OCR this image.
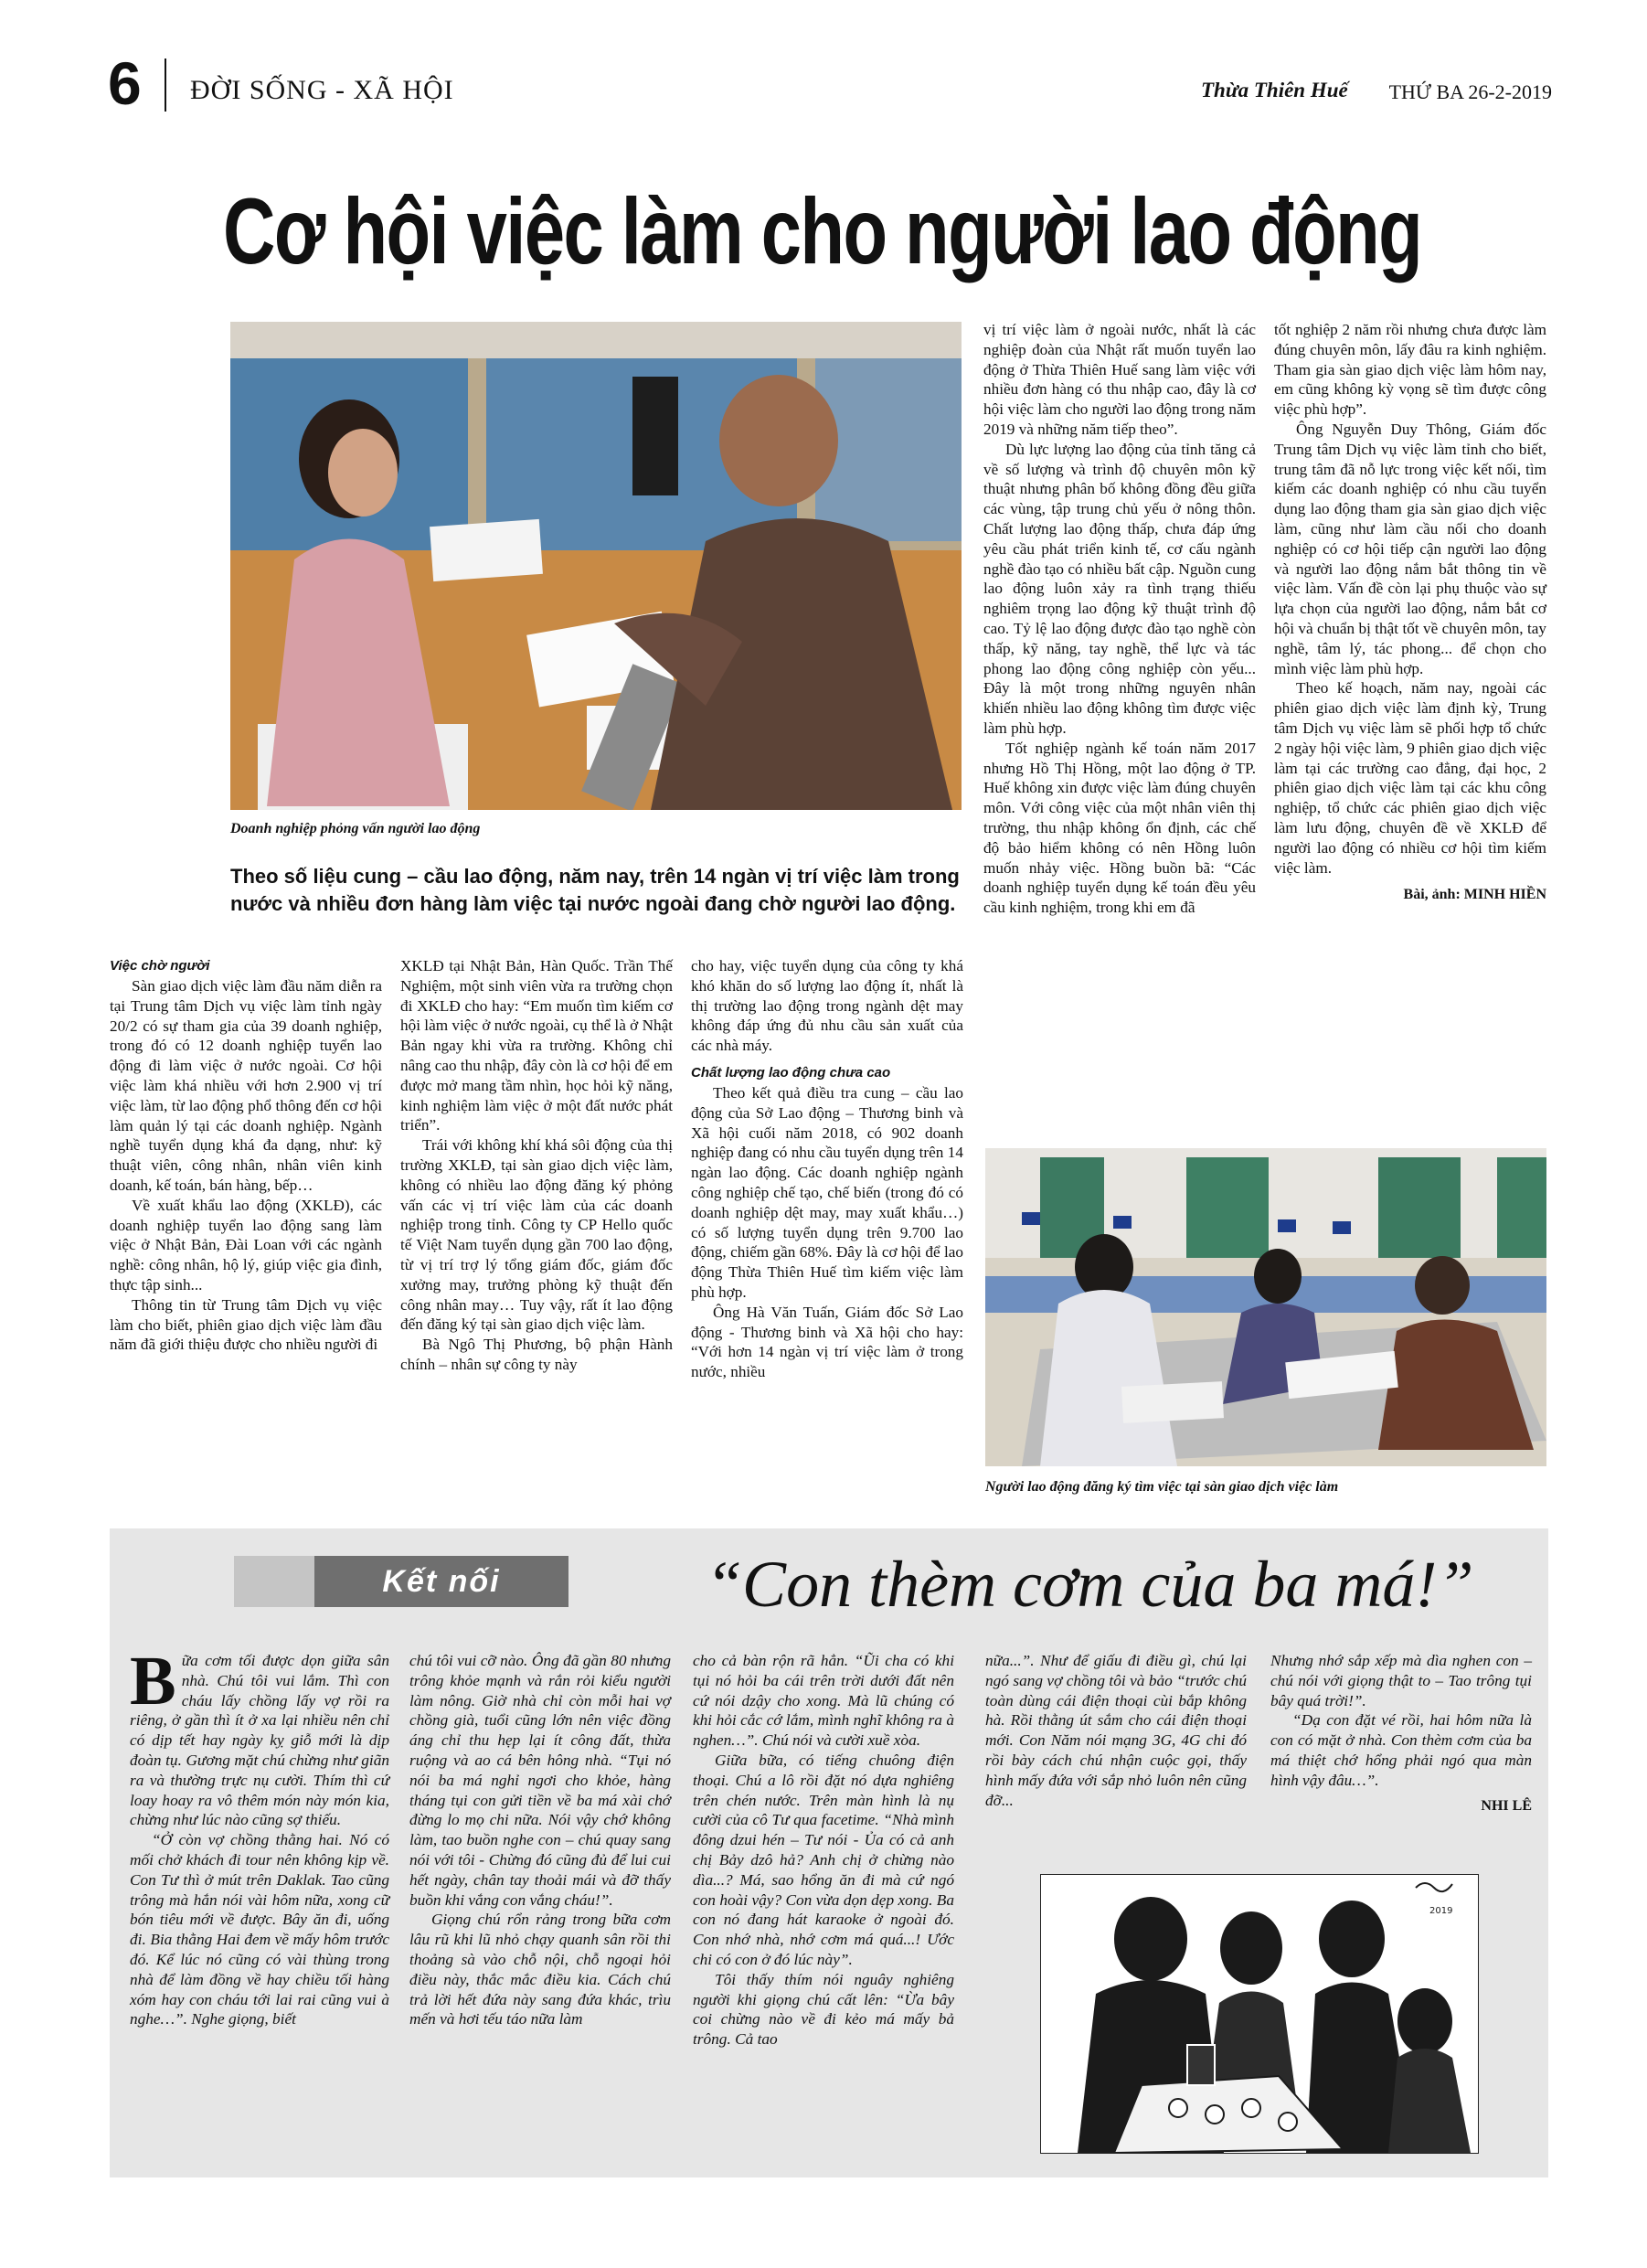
6 ĐỜI SỐNG - XÃ HỘI	Thừa Thiên Huế THỨ BA 26-2-2019
Cơ hội việc làm cho người lao động
Doanh nghiệp phỏng vấn người lao động
Theo số liệu cung – cầu lao động, năm nay, trên 14 ngàn vị trí việc làm trong nước và nhiều đơn hàng làm việc tại nước ngoài đang chờ người lao động.

Việc chờ người

Sàn giao dịch việc làm đầu năm diễn ra tại Trung tâm Dịch vụ việc làm tỉnh ngày 20/2 có sự tham gia của 39 doanh nghiệp, trong đó có 12 doanh nghiệp tuyển lao động đi làm việc ở nước ngoài. Cơ hội việc làm khá nhiều với hơn 2.900 vị trí việc làm, từ lao động phổ thông đến cơ hội làm quản lý tại các doanh nghiệp. Ngành nghề tuyển dụng khá đa dạng, như: kỹ thuật viên, công nhân, nhân viên kinh doanh, kế toán, bán hàng, bếp…

Về xuất khẩu lao động (XKLĐ), các doanh nghiệp tuyển lao động sang làm việc ở Nhật Bản, Đài Loan với các ngành nghề: công nhân, hộ lý, giúp việc gia đình, thực tập sinh...

Thông tin từ Trung tâm Dịch vụ việc làm cho biết, phiên giao dịch việc làm đầu năm đã giới thiệu được cho nhiều người đi

XKLĐ tại Nhật Bản, Hàn Quốc. Trần Thế Nghiệm, một sinh viên vừa ra trường chọn đi XKLĐ cho hay: “Em muốn tìm kiếm cơ hội làm việc ở nước ngoài, cụ thể là ở Nhật Bản ngay khi vừa ra trường. Không chỉ nâng cao thu nhập, đây còn là cơ hội để em được mở mang tầm nhìn, học hỏi kỹ năng, kinh nghiệm làm việc ở một đất nước phát triển”.

Trái với không khí khá sôi động của thị trường XKLĐ, tại sàn giao dịch việc làm, không có nhiều lao động đăng ký phỏng vấn các vị trí việc làm của các doanh nghiệp trong tỉnh. Công ty CP Hello quốc tế Việt Nam tuyển dụng gần 700 lao động, từ vị trí trợ lý tổng giám đốc, giám đốc xưởng may, trưởng phòng kỹ thuật đến công nhân may… Tuy vậy, rất ít lao động đến đăng ký tại sàn giao dịch việc làm.

Bà Ngô Thị Phương, bộ phận Hành chính – nhân sự công ty này

cho hay, việc tuyển dụng của công ty khá khó khăn do số lượng lao động ít, nhất là thị trường lao động trong ngành dệt may không đáp ứng đủ nhu cầu sản xuất của các nhà máy.

Chất lượng lao động chưa cao

Theo kết quả điều tra cung – cầu lao động của Sở Lao động – Thương binh và Xã hội cuối năm 2018, có 902 doanh nghiệp đang có nhu cầu tuyển dụng trên 14 ngàn lao động. Các doanh nghiệp ngành công nghiệp chế tạo, chế biến (trong đó có doanh nghiệp dệt may, may xuất khẩu…) có số lượng tuyển dụng trên 9.700 lao động, chiếm gần 68%. Đây là cơ hội để lao động Thừa Thiên Huế tìm kiếm việc làm phù hợp.

Ông Hà Văn Tuấn, Giám đốc Sở Lao động - Thương binh và Xã hội cho hay: “Với hơn 14 ngàn vị trí việc làm ở trong nước, nhiều

vị trí việc làm ở ngoài nước, nhất là các nghiệp đoàn của Nhật rất muốn tuyển lao động ở Thừa Thiên Huế sang làm việc với nhiều đơn hàng có thu nhập cao, đây là cơ hội việc làm cho người lao động trong năm 2019 và những năm tiếp theo”.

Dù lực lượng lao động của tỉnh tăng cả về số lượng và trình độ chuyên môn kỹ thuật nhưng phân bố không đồng đều giữa các vùng, tập trung chủ yếu ở nông thôn. Chất lượng lao động thấp, chưa đáp ứng yêu cầu phát triển kinh tế, cơ cấu ngành nghề đào tạo có nhiều bất cập. Nguồn cung lao động luôn xảy ra tình trạng thiếu nghiêm trọng lao động kỹ thuật trình độ cao. Tỷ lệ lao động được đào tạo nghề còn thấp, kỹ năng, tay nghề, thể lực và tác phong lao động công nghiệp còn yếu... Đây là một trong những nguyên nhân khiến nhiều lao động không tìm được việc làm phù hợp.

Tốt nghiệp ngành kế toán năm 2017 nhưng Hồ Thị Hồng, một lao động ở TP. Huế không xin được việc làm đúng chuyên môn. Với công việc của một nhân viên thị trường, thu nhập không ổn định, các chế độ bảo hiểm không có nên Hồng luôn muốn nhảy việc. Hồng buồn bã: “Các doanh nghiệp tuyển dụng kế toán đều yêu cầu kinh nghiệm, trong khi em đã

tốt nghiệp 2 năm rồi nhưng chưa được làm đúng chuyên môn, lấy đâu ra kinh nghiệm. Tham gia sàn giao dịch việc làm hôm nay, em cũng không kỳ vọng sẽ tìm được công việc phù hợp”.

Ông Nguyễn Duy Thông, Giám đốc Trung tâm Dịch vụ việc làm tỉnh cho biết, trung tâm đã nỗ lực trong việc kết nối, tìm kiếm các doanh nghiệp có nhu cầu tuyển dụng lao động tham gia sàn giao dịch việc làm, cũng như làm cầu nối cho doanh nghiệp có cơ hội tiếp cận người lao động và người lao động nắm bắt thông tin về việc làm. Vấn đề còn lại phụ thuộc vào sự lựa chọn của người lao động, nắm bắt cơ hội và chuẩn bị thật tốt về chuyên môn, tay nghề, tâm lý, tác phong... để chọn cho mình việc làm phù hợp.

Theo kế hoạch, năm nay, ngoài các phiên giao dịch việc làm định kỳ, Trung tâm Dịch vụ việc làm sẽ phối hợp tổ chức 2 ngày hội việc làm, 9 phiên giao dịch việc làm tại các trường cao đẳng, đại học, 2 phiên giao dịch việc làm tại các khu công nghiệp, tổ chức các phiên giao dịch việc làm lưu động, chuyên đề về XKLĐ để người lao động có nhiều cơ hội tìm kiếm việc làm.

Bài, ảnh: MINH HIỀN

Người lao động đăng ký tìm việc tại sàn giao dịch việc làm
Kết nối	“Con thèm cơm của ba má!”

Bữa cơm tối được dọn giữa sân nhà. Chú tôi vui lắm. Thì con cháu lấy chồng lấy vợ rồi ra riêng, ở gần thì ít ở xa lại nhiều nên chỉ có dịp tết hay ngày kỵ giỗ mới là dịp đoàn tụ. Gương mặt chú chừng như giãn ra và thường trực nụ cười. Thím thì cứ loay hoay ra vô thêm món này món kia, chừng như lúc nào cũng sợ thiếu.

“Ở còn vợ chồng thằng hai. Nó có mối chở khách đi tour nên không kịp về. Con Tư thì ở mút trên Daklak. Tao cũng trông mà hắn nói vài hôm nữa, xong cữ bón tiêu mới về được. Bây ăn đi, uống đi. Bia thằng Hai đem về mấy hôm trước đó. Kể lúc nó cũng có vài thùng trong nhà để làm đồng về hay chiều tối hàng xóm hay con cháu tới lai rai cũng vui à nghe…”. Nghe giọng, biết

chú tôi vui cỡ nào. Ông đã gần 80 nhưng trông khỏe mạnh và rắn rỏi kiểu người làm nông. Giờ nhà chỉ còn mỗi hai vợ chồng già, tuổi cũng lớn nên việc đồng áng chỉ thu hẹp lại ít công đất, thừa ruộng và ao cá bên hông nhà. “Tụi nó nói ba má nghỉ ngơi cho khỏe, hàng tháng tụi con gửi tiền về ba má xài chớ đừng lo mọ chi nữa. Nói vậy chớ không làm, tao buồn nghe con – chú quay sang nói với tôi - Chừng đó cũng đủ để lui cui hết ngày, chân tay thoải mái và đỡ thấy buồn khi vắng con vắng cháu!”.

Giọng chú rổn rảng trong bữa cơm lâu rũ khi lũ nhỏ chạy quanh sân rồi thi thoảng sà vào chỗ nội, chỗ ngoại hỏi điều này, thắc mắc điều kia. Cách chú trả lời hết đứa này sang đứa khác, trìu mến và hơi tếu táo nữa làm

cho cả bàn rộn rã hẳn. “Ũi cha có khi tụi nó hỏi ba cái trên trời dưới đất nên cứ nói dzậy cho xong. Mà lũ chúng có khi hỏi cắc cớ lắm, mình nghĩ không ra à nghen…”. Chú nói và cười xuề xòa.

Giữa bữa, có tiếng chuông điện thoại. Chú a lô rồi đặt nó dựa nghiêng trên chén nước. Trên màn hình là nụ cười của cô Tư qua facetime. “Nhà mình đông dzui hén – Tư nói - Ủa có cả anh chị Bảy dzô hả? Anh chị ở chừng nào dìa...? Má, sao hổng ăn đi mà cứ ngó con hoài vậy? Con vừa dọn dẹp xong. Ba con nó đang hát karaoke ở ngoài đó. Con nhớ nhà, nhớ cơm má quá...! Ước chi có con ở đó lúc này”.

Tôi thấy thím nói nguây nghiêng người khi giọng chú cất lên: “Ừa bây coi chừng nào về đi kẻo má mấy bả trông. Cả tao

nữa...”. Như để giấu đi điều gì, chú lại ngó sang vợ chồng tôi và bảo “trước chú toàn dùng cái điện thoại cùi bắp không hà. Rồi thằng út sắm cho cái điện thoại mới. Con Năm nói mạng 3G, 4G chi đó rồi bày cách chú nhận cuộc gọi, thấy hình mấy đứa với sắp nhỏ luôn nên cũng đỡ...

Nhưng nhớ sắp xếp mà dìa nghen con – chú nói với giọng thật to – Tao trông tụi bây quá trời!”.

“Dạ con đặt vé rồi, hai hôm nữa là con có mặt ở nhà. Con thèm cơm của ba má thiệt chớ hổng phải ngó qua màn hình vậy đâu…”.

NHI LÊ

2019
